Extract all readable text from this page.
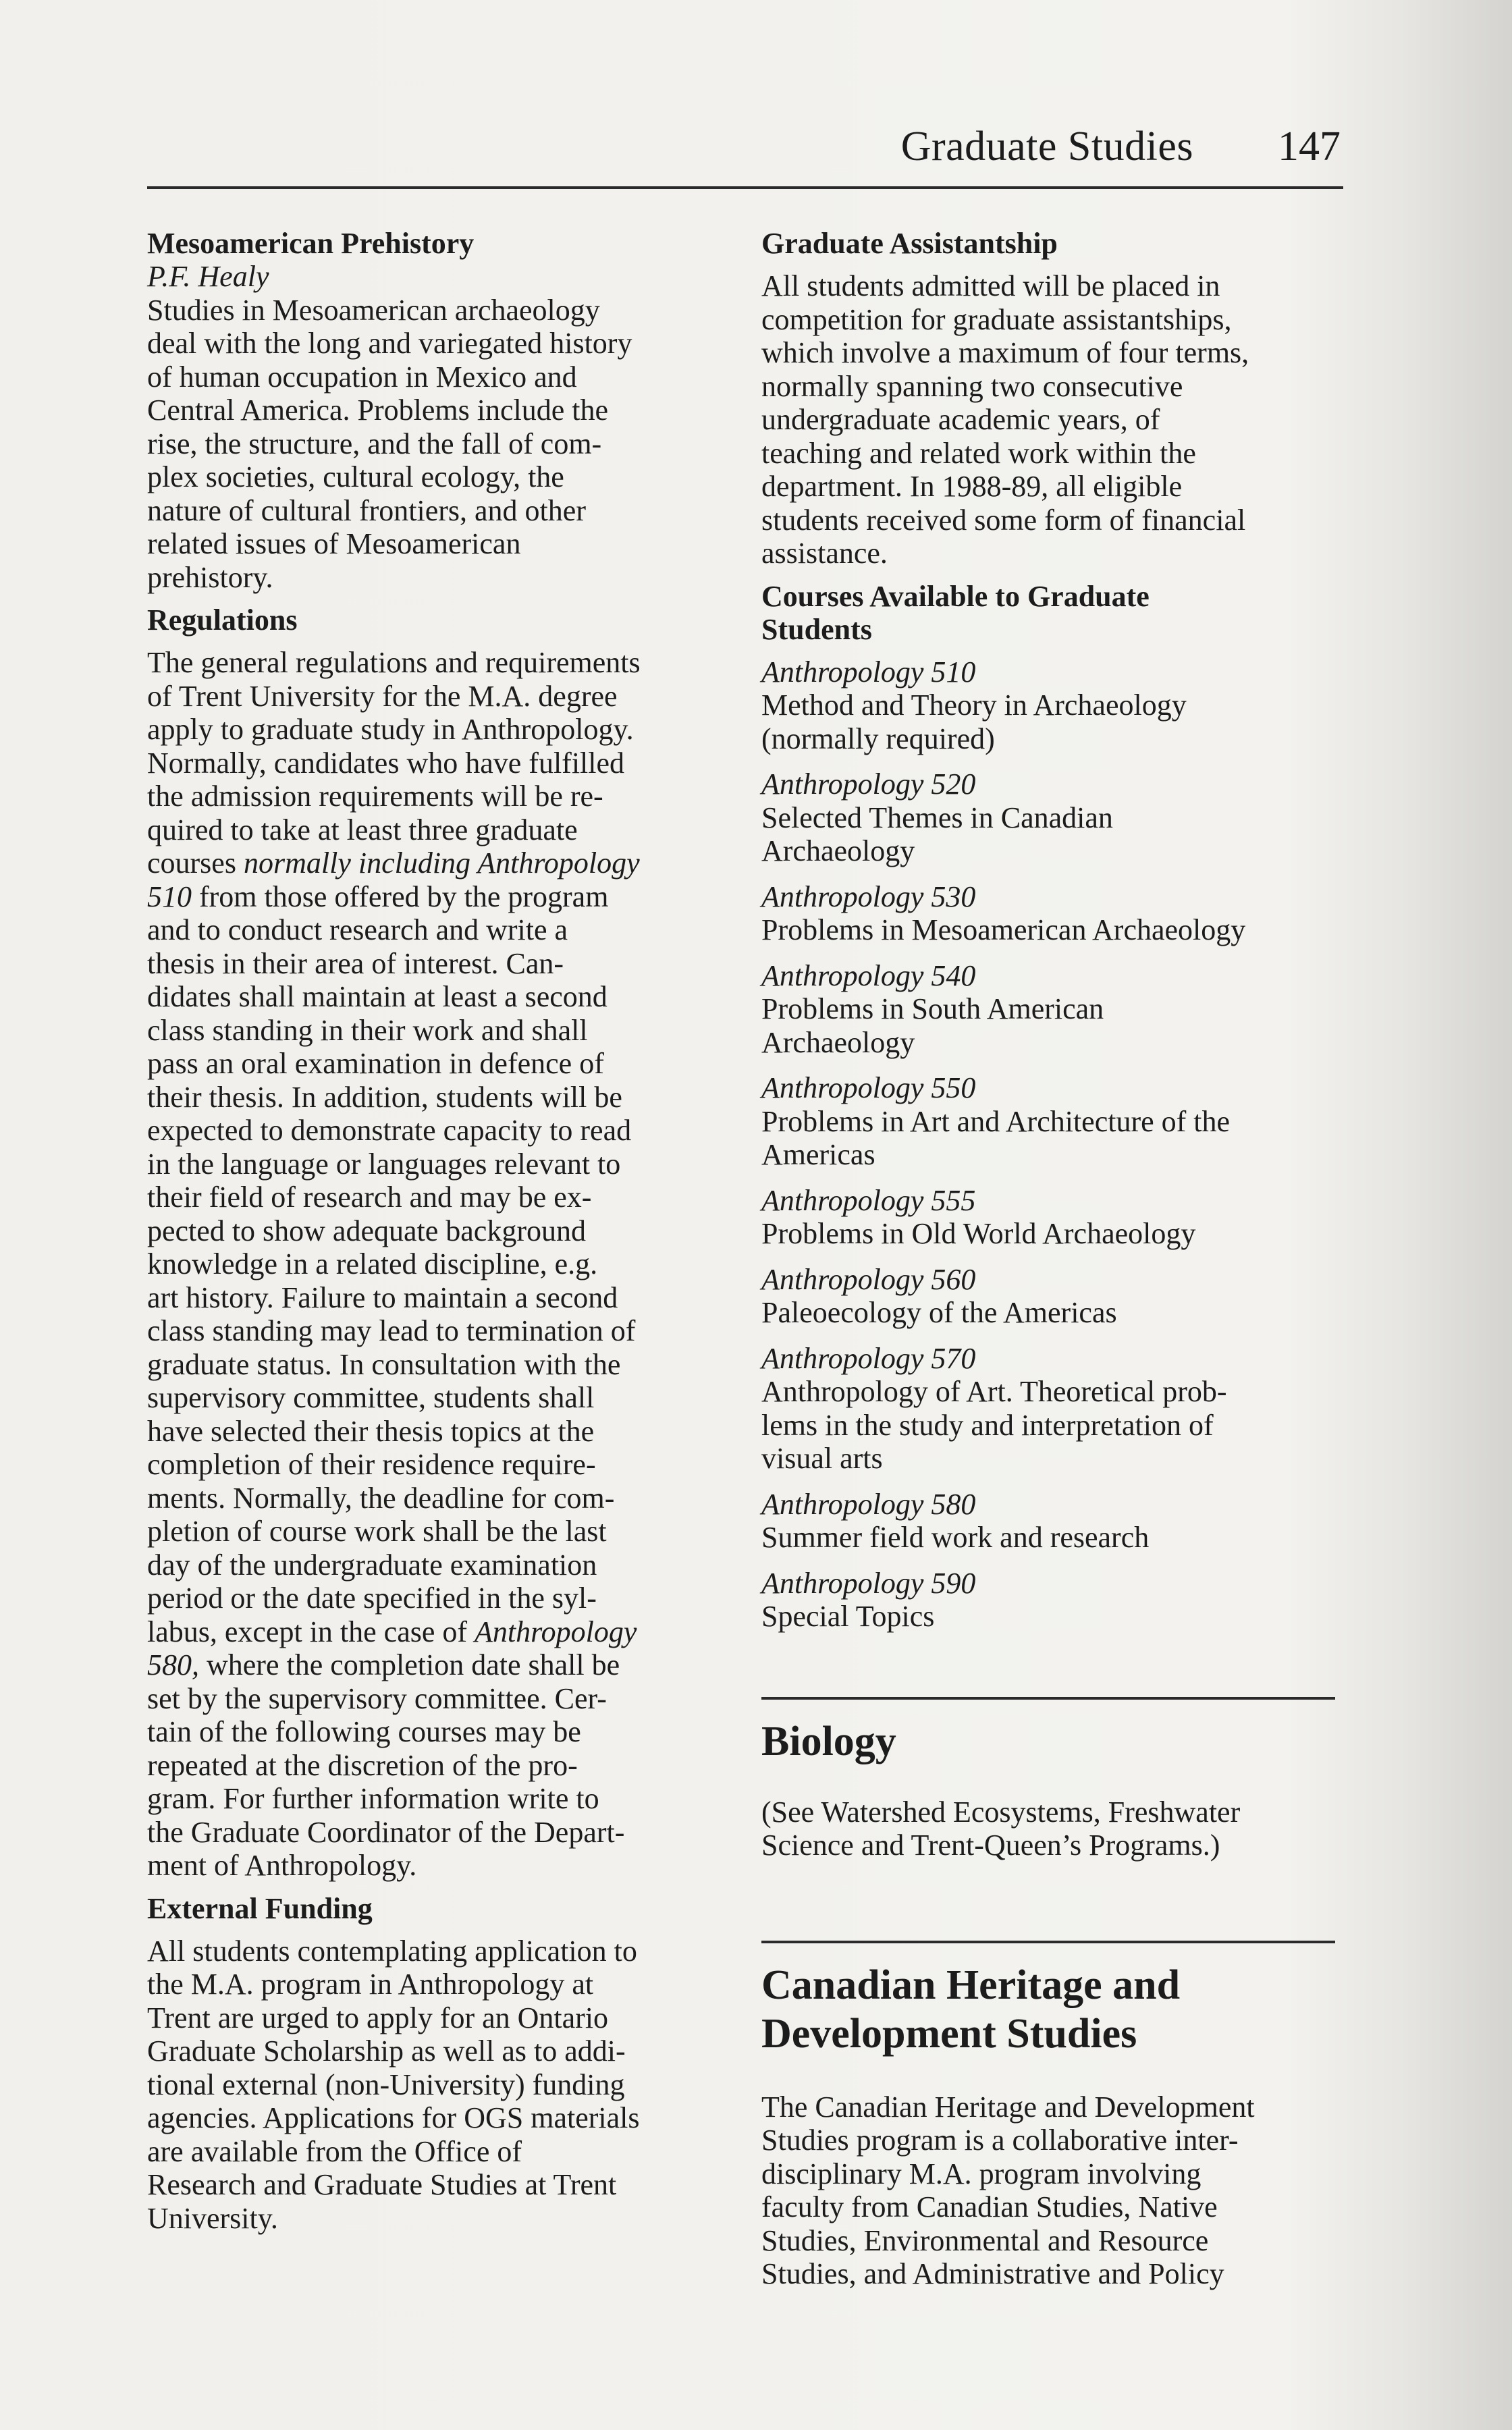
Graduate Studies 147

Mesoamerican Prehistory

P.F. Healy

Studies in Mesoamerican archaeology
deal with the long and variegated history
of human occupation in Mexico and
Central America. Problems include the
rise, the structure, and the fall of com-
plex societies, cultural ecology, the
nature of cultural frontiers, and other
related issues of Mesoamerican
prehistory.

Regulations

The general regulations and requirements
of Trent University for the M.A. degree
apply to graduate study in Anthropology.
Normally, candidates who have fulfilled
the admission requirements will be re-
quired to take at least three graduate
courses normally including Anthropology
510 from those offered by the program
and to conduct research and write a
thesis in their area of interest. Can-
didates shall maintain at least a second
class standing in their work and shall
pass an oral examination in defence of
their thesis. In addition, students will be
expected to demonstrate capacity to read
in the language or languages relevant to
their field of research and may be ex-
pected to show adequate background
knowledge in a related discipline, e.g.
art history. Failure to maintain a second
class standing may lead to termination of
graduate status. In consultation with the
supervisory committee, students shall
have selected their thesis topics at the
completion of their residence require-
ments. Normally, the deadline for com-
pletion of course work shall be the last
day of the undergraduate examination
period or the date specified in the syl-
labus, except in the case of Anthropology
580, where the completion date shall be
set by the supervisory committee. Cer-
tain of the following courses may be
repeated at the discretion of the pro-
gram. For further information write to
the Graduate Coordinator of the Depart-
ment of Anthropology.

External Funding

All students contemplating application to
the M.A. program in Anthropology at
Trent are urged to apply for an Ontario
Graduate Scholarship as well as to addi-
tional external (non-University) funding
agencies. Applications for OGS materials
are available from the Office of
Research and Graduate Studies at Trent
University.

Graduate Assistantship

All students admitted will be placed in
competition for graduate assistantships,
which involve a maximum of four terms,
normally spanning two consecutive
undergraduate academic years, of
teaching and related work within the
department. In 1988-89, all eligible
students received some form of financial
assistance.

Courses Available to Graduate

Students

Anthropology 510

Method and Theory in Archaeology

(normally required)

Anthropology 520

Selected Themes in Canadian

Archaeology

Anthropology 530

Problems in Mesoamerican Archaeology

Anthropology 540

Problems in South American

Archaeology

Anthropology 550

Problems in Art and Architecture of the

Americas

Anthropology 555

Problems in Old World Archaeology

Anthropology 560

Paleoecology of the Americas

Anthropology 570

Anthropology of Art. Theoretical prob-

lems in the study and interpretation of

visual arts

Anthropology 580

Summer field work and research

Anthropology 590

Special Topics

Biology

(See Watershed Ecosystems, Freshwater
Science and Trent-Queen’s Programs.)

Canadian Heritage and

Development Studies

The Canadian Heritage and Development
Studies program is a collaborative inter-
disciplinary M.A. program involving
faculty from Canadian Studies, Native
Studies, Environmental and Resource
Studies, and Administrative and Policy
